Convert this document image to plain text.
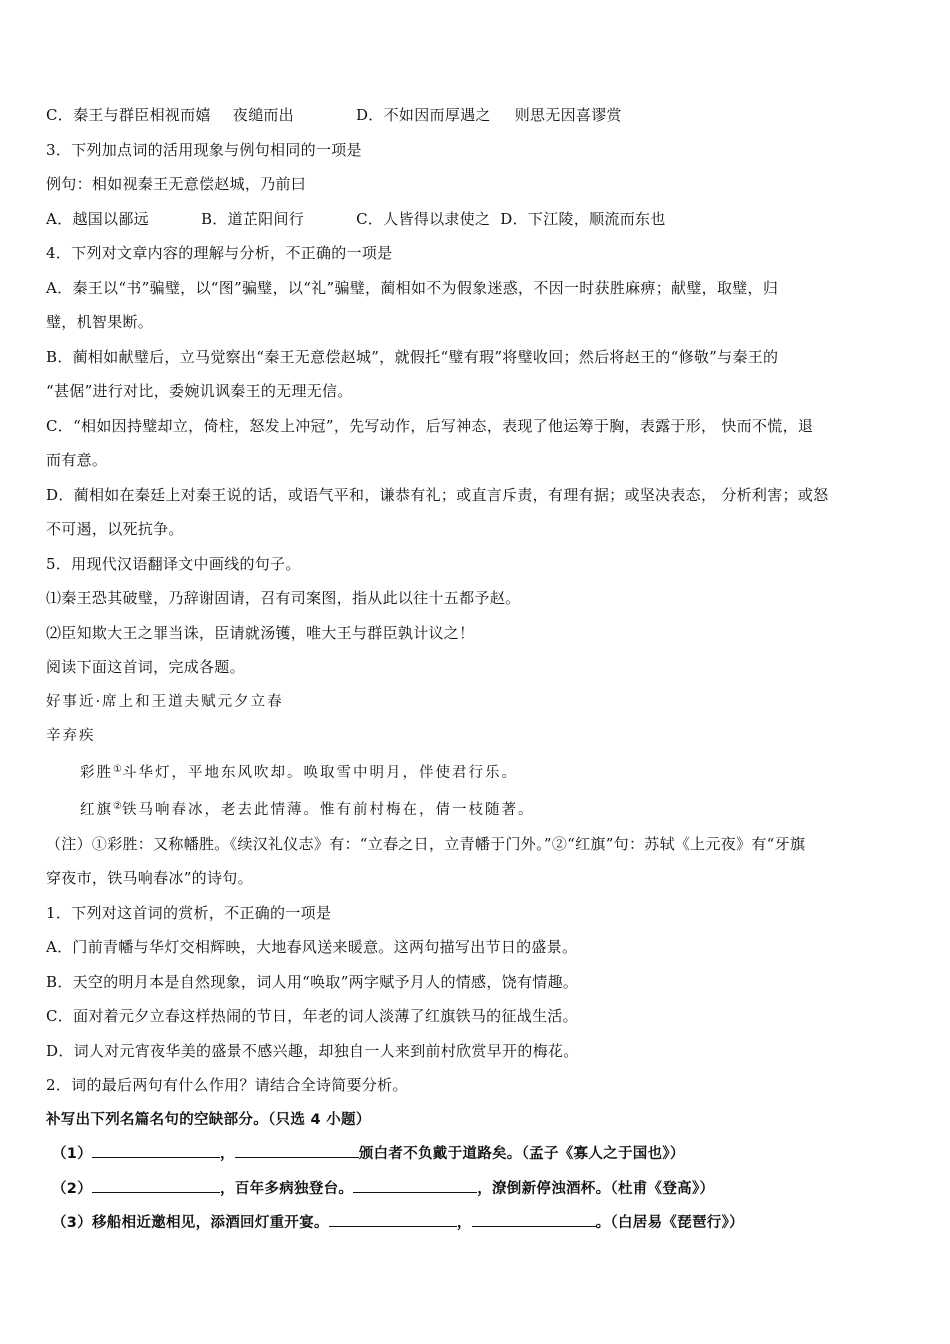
C．秦王与群臣相视而嬉 夜缒而出	D．不如因而厚遇之 则思无因喜谬赏
3．下列加点词的活用现象与例句相同的一项是
例句：相如视秦王无意偿赵城，乃前曰
A．越国以鄙远	B．道芷阳间行	C．人皆得以隶使之 D．下江陵，顺流而东也
4．下列对文章内容的理解与分析，不正确的一项是
A．秦王以“书”骗璧，以“图”骗璧，以“礼”骗璧，蔺相如不为假象迷惑，不因一时获胜麻痹；献璧，取璧，归
璧，机智果断。
B．蔺相如献璧后，立马觉察出“秦王无意偿赵城”，就假托“璧有瑕”将璧收回；然后将赵王的“修敬”与秦王的
“甚倨”进行对比，委婉讥讽秦王的无理无信。
C．“相如因持璧却立，倚柱，怒发上冲冠”，先写动作，后写神态，表现了他运筹于胸，表露于形， 快而不慌，退
而有意。
D．蔺相如在秦廷上对秦王说的话，或语气平和，谦恭有礼；或直言斥责，有理有据；或坚决表态， 分析利害；或怒
不可遏，以死抗争。
5．用现代汉语翻译文中画线的句子。
⑴秦王恐其破璧，乃辞谢固请，召有司案图，指从此以往十五都予赵。
⑵臣知欺大王之罪当诛，臣请就汤镬，唯大王与群臣孰计议之！
阅读下面这首词，完成各题。
好事近·席上和王道夫赋元夕立春
辛弃疾
彩胜①斗华灯，平地东风吹却。唤取雪中明月，伴使君行乐。
红旗②铁马响春冰，老去此情薄。惟有前村梅在，倩一枝随著。
（注）①彩胜：又称幡胜。《续汉礼仪志》有：“立春之日，立青幡于门外。”②“红旗”句：苏轼《上元夜》有“牙旗
穿夜市，铁马响春冰”的诗句。
1．下列对这首词的赏析，不正确的一项是
A．门前青幡与华灯交相辉映，大地春风送来暖意。这两句描写出节日的盛景。
B．天空的明月本是自然现象，词人用“唤取”两字赋予月人的情感，饶有情趣。
C．面对着元夕立春这样热闹的节日，年老的词人淡薄了红旗铁马的征战生活。
D．词人对元宵夜华美的盛景不感兴趣，却独自一人来到前村欣赏早开的梅花。
2．词的最后两句有什么作用？请结合全诗简要分析。
补写出下列名篇名句的空缺部分。（只选 4 小题）
（1）	，	颁白者不负戴于道路矣。（孟子《寡人之于国也》）
（2）	，百年多病独登台。	，潦倒新停浊酒杯。（杜甫《登高》）
（3）移船相近邀相见，添酒回灯重开宴。	，	。（白居易《琵琶行》）
